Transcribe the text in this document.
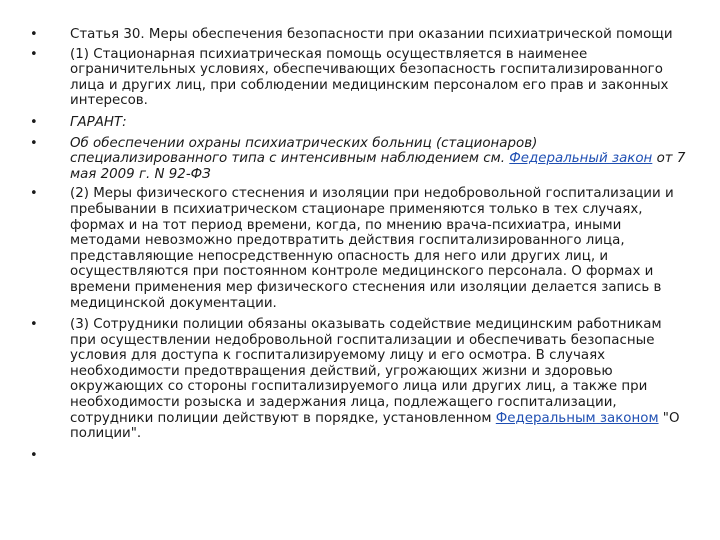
•	Статья 30. Меры обеспечения безопасности при оказании психиатрической помощи
•	(1) Стационарная психиатрическая помощь осуществляется в наименее ограничительных условиях, обеспечивающих безопасность госпитализированного лица и других лиц, при соблюдении медицинским персоналом его прав и законных интересов.
•	ГАРАНТ:
•	Об обеспечении охраны психиатрических больниц (стационаров) специализированного типа с интенсивным наблюдением см. Федеральный закон от 7 мая 2009 г. N 92-ФЗ
•	(2) Меры физического стеснения и изоляции при недобровольной госпитализации и пребывании в психиатрическом стационаре применяются только в тех случаях, формах и на тот период времени, когда, по мнению врача-психиатра, иными методами невозможно предотвратить действия госпитализированного лица, представляющие непосредственную опасность для него или других лиц, и осуществляются при постоянном контроле медицинского персонала. О формах и времени применения мер физического стеснения или изоляции делается запись в медицинской документации.
•	(3) Сотрудники полиции обязаны оказывать содействие медицинским работникам при осуществлении недобровольной госпитализации и обеспечивать безопасные условия для доступа к госпитализируемому лицу и его осмотра. В случаях необходимости предотвращения действий, угрожающих жизни и здоровью окружающих со стороны госпитализируемого лица или других лиц, а также при необходимости розыска и задержания лица, подлежащего госпитализации, сотрудники полиции действуют в порядке, установленном Федеральным законом "О полиции".
•
